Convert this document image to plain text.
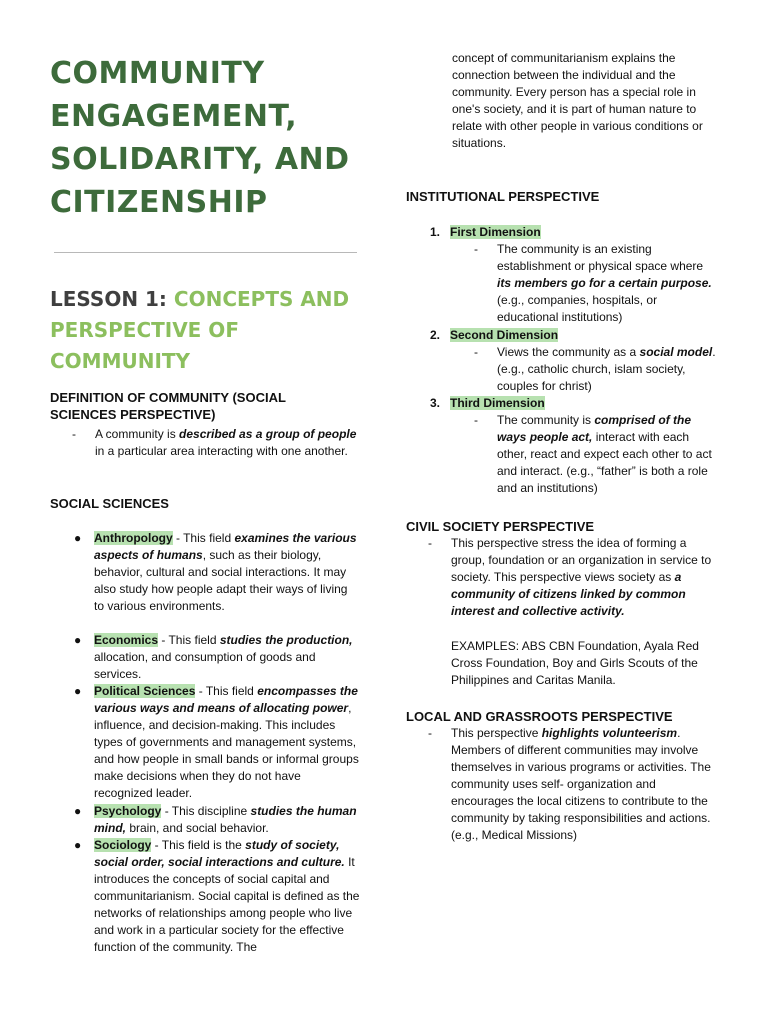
COMMUNITY ENGAGEMENT, SOLIDARITY, AND CITIZENSHIP
LESSON 1: CONCEPTS AND PERSPECTIVE OF COMMUNITY
DEFINITION OF COMMUNITY (SOCIAL SCIENCES PERSPECTIVE)
- A community is described as a group of people in a particular area interacting with one another.
SOCIAL SCIENCES
● Anthropology - This field examines the various aspects of humans, such as their biology, behavior, cultural and social interactions. It may also study how people adapt their ways of living to various environments.
● Economics - This field studies the production, allocation, and consumption of goods and services.
● Political Sciences - This field encompasses the various ways and means of allocating power, influence, and decision-making. This includes types of governments and management systems, and how people in small bands or informal groups make decisions when they do not have recognized leader.
● Psychology - This discipline studies the human mind, brain, and social behavior.
● Sociology - This field is the study of society, social order, social interactions and culture. It introduces the concepts of social capital and communitarianism. Social capital is defined as the networks of relationships among people who live and work in a particular society for the effective function of the community. The

concept of communitarianism explains the connection between the individual and the community. Every person has a special role in one's society, and it is part of human nature to relate with other people in various conditions or situations.

INSTITUTIONAL PERSPECTIVE
1. First Dimension
- The community is an existing establishment or physical space where its members go for a certain purpose. (e.g., companies, hospitals, or educational institutions)
2. Second Dimension
- Views the community as a social model. (e.g., catholic church, islam society, couples for christ)
3. Third Dimension
- The community is comprised of the ways people act, interact with each other, react and expect each other to act and interact. (e.g., “father” is both a role and an institutions)
CIVIL SOCIETY PERSPECTIVE
- This perspective stress the idea of forming a group, foundation or an organization in service to society. This perspective views society as a community of citizens linked by common interest and collective activity.

EXAMPLES: ABS CBN Foundation, Ayala Red Cross Foundation, Boy and Girls Scouts of the Philippines and Caritas Manila.

LOCAL AND GRASSROOTS PERSPECTIVE
- This perspective highlights volunteerism. Members of different communities may involve themselves in various programs or activities. The community uses self- organization and encourages the local citizens to contribute to the community by taking responsibilities and actions. (e.g., Medical Missions)
